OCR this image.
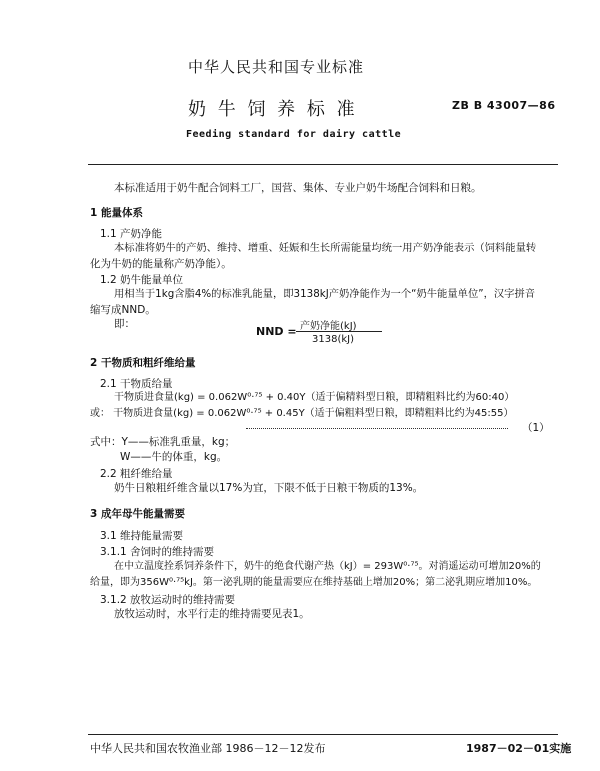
中华人民共和国专业标准
奶 牛 饲 养 标 准	ZB B 43007—86
Feeding standard for dairy cattle
本标准适用于奶牛配合饲料工厂，国营、集体、专业户奶牛场配合饲料和日粮。
1 能量体系
1.1 产奶净能
本标准将奶牛的产奶、维持、增重、妊娠和生长所需能量均统一用产奶净能表示（饲料能量转
化为牛奶的能量称产奶净能）。
1.2 奶牛能量单位
用相当于1kg含脂4%的标准乳能量，即3138kJ产奶净能作为一个“奶牛能量单位”，汉字拼音
缩写成NND。
即：
NND = 产奶净能(kJ)
3138(kJ)
2 干物质和粗纤维给量
2.1 干物质给量
干物质进食量(kg) = 0.062W⁰·⁷⁵ + 0.40Y（适于偏精料型日粮，即精粗料比约为60:40）
或： 干物质进食量(kg) = 0.062W⁰·⁷⁵ + 0.45Y（适于偏粗料型日粮，即精粗料比约为45:55）
（1）
式中：Y——标准乳重量，kg；
W——牛的体重，kg。
2.2 粗纤维给量
奶牛日粮粗纤维含量以17%为宜，下限不低于日粮干物质的13%。
3 成年母牛能量需要
3.1 维持能量需要
3.1.1 舍饲时的维持需要
在中立温度拴系饲养条件下，奶牛的绝食代谢产热（kJ）= 293W⁰·⁷⁵。对消遥运动可增加20%的
给量，即为356W⁰·⁷⁵kJ。第一泌乳期的能量需要应在维持基础上增加20%；第二泌乳期应增加10%。
3.1.2 放牧运动时的维持需要
放牧运动时，水平行走的维持需要见表1。
中华人民共和国农牧渔业部 1986－12－12发布	1987－02－01实施
